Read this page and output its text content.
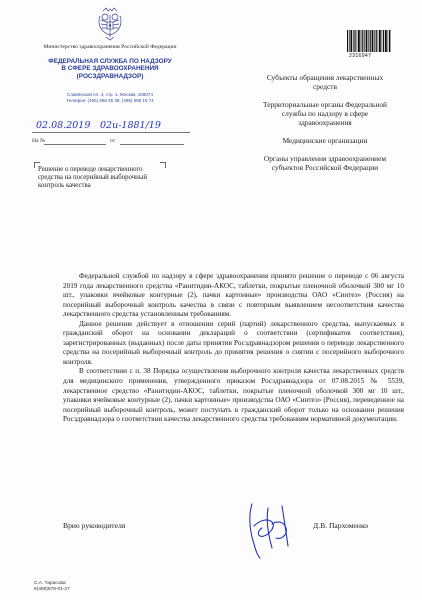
Министерство здравоохранения Российской Федерации
ФЕДЕРАЛЬНАЯ СЛУЖБА ПО НАДЗОРУ
В СФЕРЕ ЗДРАВООХРАНЕНИЯ
(РОСЗДРАВНАДЗОР)
Славянская пл. 4, стр. 1, Москва, 109074
Телефон: (495) 698 45 38; (495) 698 15 74
02.08.2019 02и-1881/19
На №	от
Решение о переводе лекарственного средства на посерийный выборочный контроль качества
2316947
Субъекты обращения лекарственных средств
Территориальные органы Федеральной службы по надзору в сфере здравоохранения
Медицинские организации
Органы управления здравоохранением субъектов Российской Федерации

Федеральной службой по надзору в сфере здравоохранения принято решение о переводе с 06 августа 2019 года лекарственного средства «Ранитидин-АКОС, таблетки, покрытые пленочной оболочкой 300 мг 10 шт., упаковки ячейковые контурные (2), пачки картонные» производства ОАО «Синтез» (Россия) на посерийный выборочный контроль качества в связи с повторным выявлением несоответствия качества лекарственного средства установленным требованиям.

Данное решение действует в отношении серий (партий) лекарственного средства, выпускаемых в гражданский оборот на основании деклараций о соответствии (сертификатов соответствия), зарегистрированных (выданных) после даты принятия Росздравнадзором решения о переводе лекарственного средства на посерийный выборочный контроль до принятия решения о снятии с посерийного выборочного контроля.

В соответствии с п. 38 Порядка осуществления выборочного контроля качества лекарственных средств для медицинского применения, утвержденного приказом Росздравнадзора от 07.08.2015 № 5539, лекарственное средство «Ранитидин-АКОС, таблетки, покрытые пленочной оболочкой 300 мг 10 шт., упаковки ячейковые контурные (2), пачки картонные» производства ОАО «Синтез» (Россия), переведенное на посерийный выборочный контроль, может поступать в гражданский оборот только на основании решения Росздравнадзора о соответствии качества лекарственного средства требованиям нормативной документации.

Врио руководителя	Д.В. Пархоменко
С.А. Тарасова
8(499)578-01-27
